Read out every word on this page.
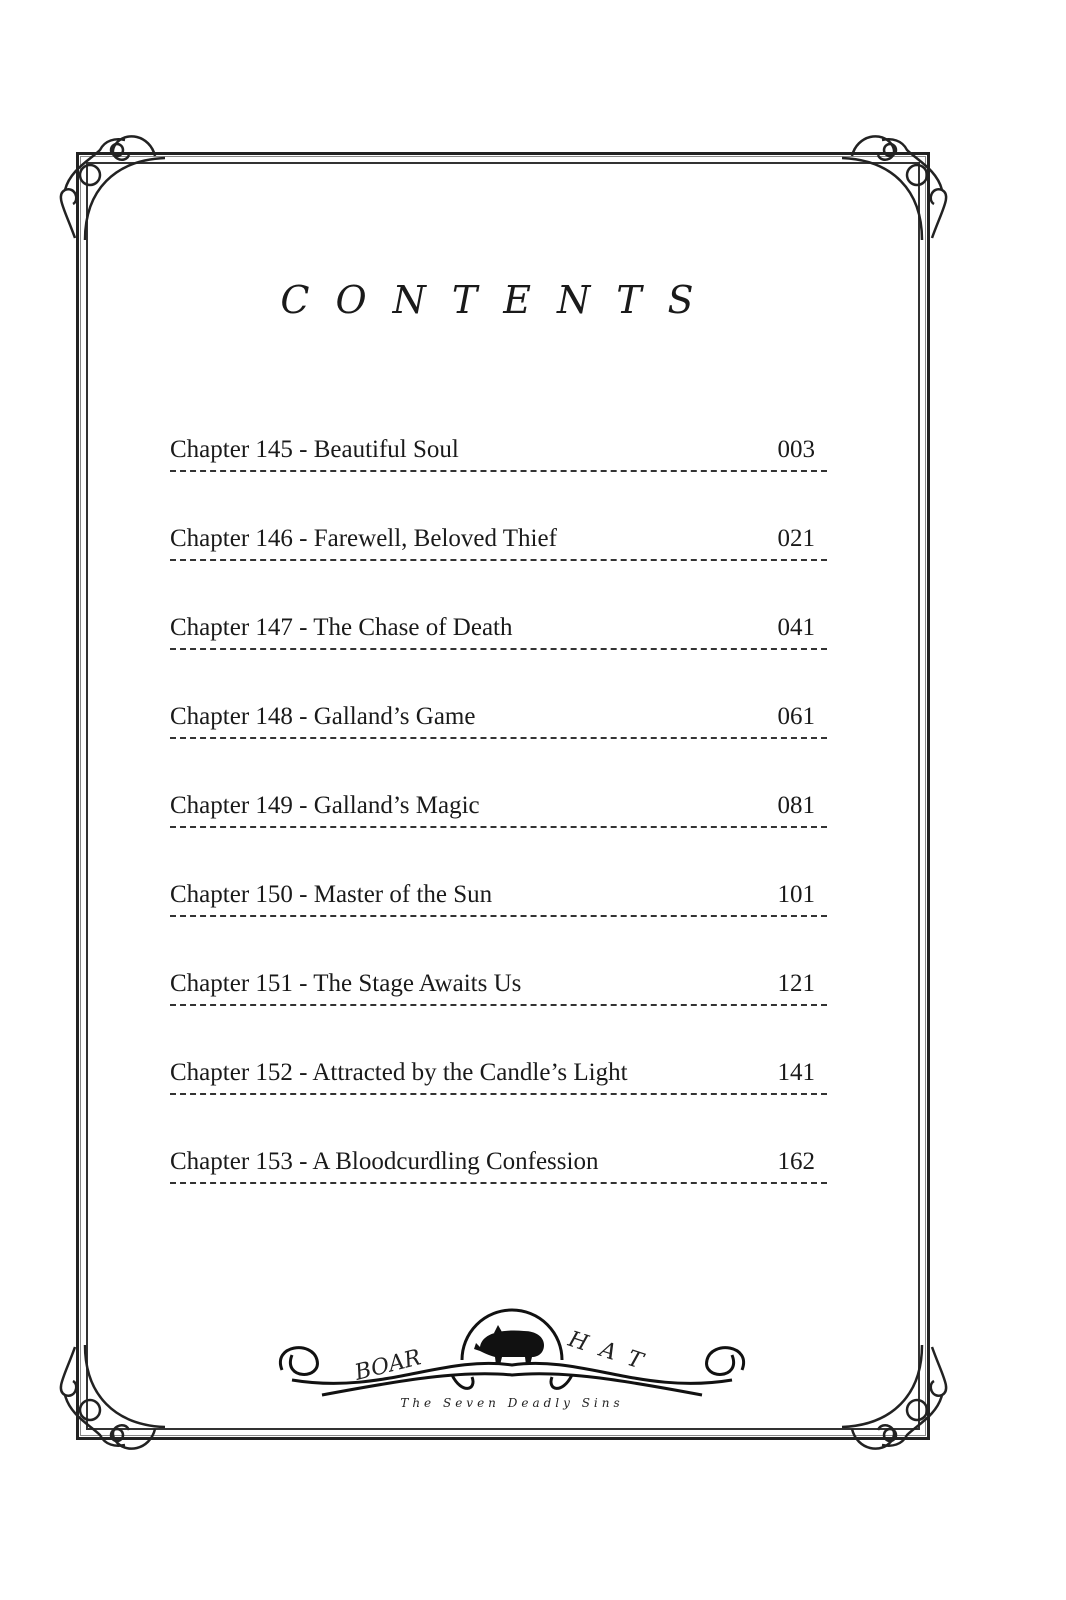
CONTENTS
Chapter 145 - Beautiful Soul	003
Chapter 146 - Farewell, Beloved Thief	021
Chapter 147 - The Chase of Death	041
Chapter 148 - Galland’s Game	061
Chapter 149 - Galland’s Magic	081
Chapter 150 - Master of the Sun	101
Chapter 151 - The Stage Awaits Us	121
Chapter 152 - Attracted by the Candle’s Light	141
Chapter 153 - A Bloodcurdling Confession	162
BOAR	HAT
The Seven Deadly Sins
